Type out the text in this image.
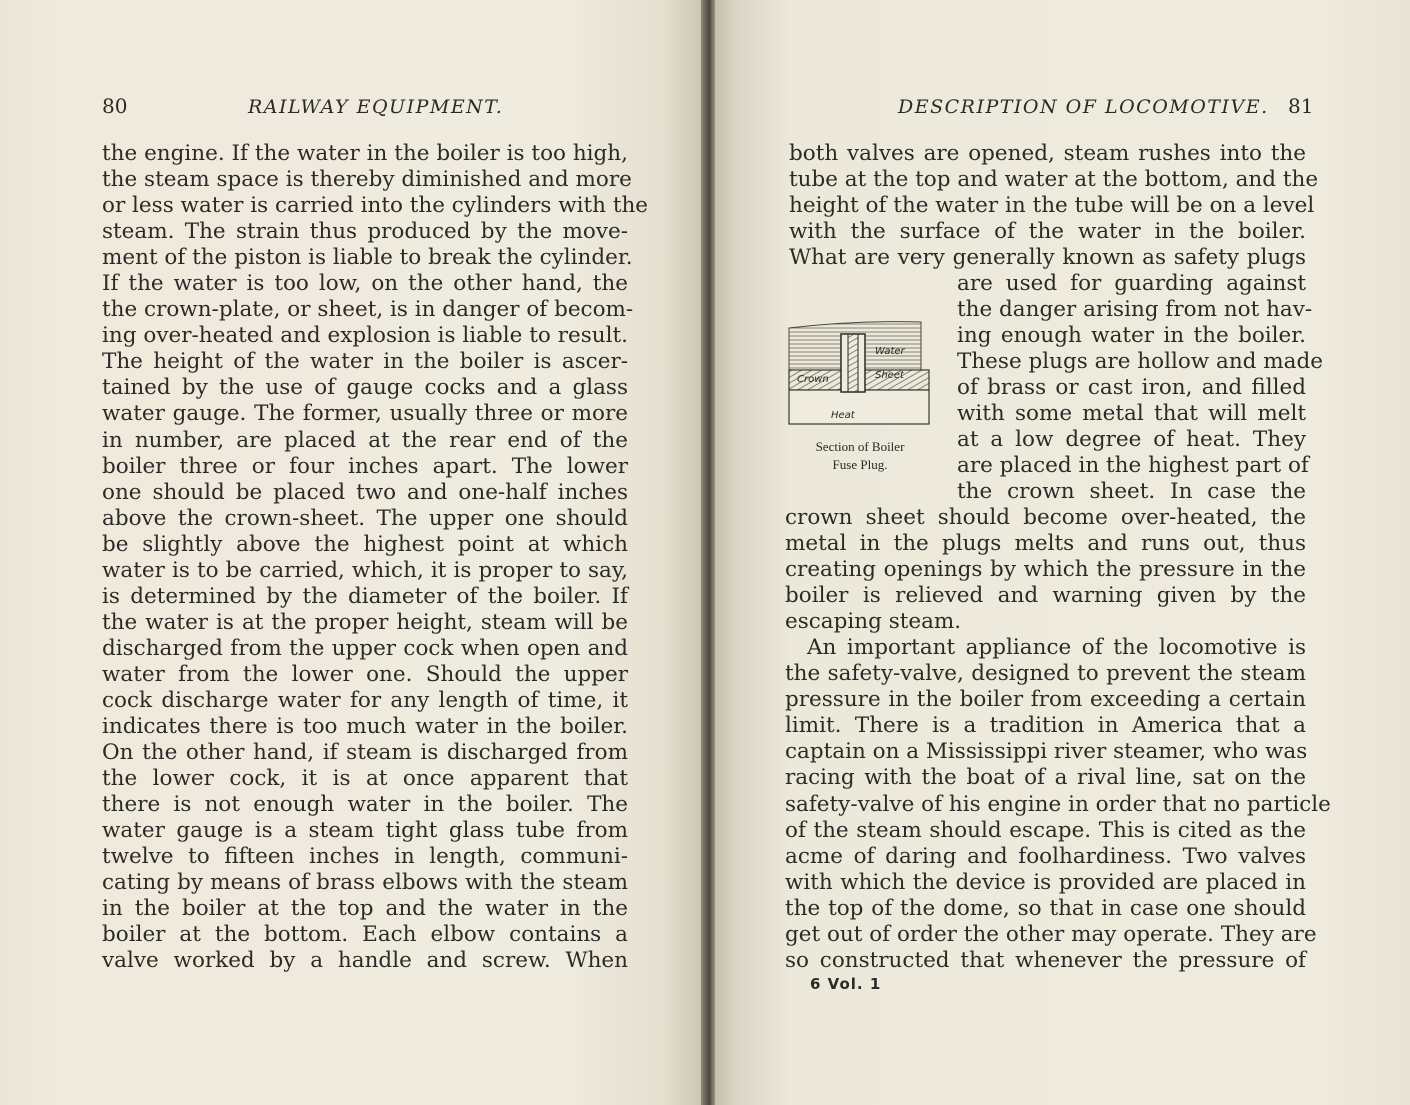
80	RAILWAY EQUIPMENT.	DESCRIPTION OF LOCOMOTIVE. 81
the engine. If the water in the boiler is too high,
the steam space is thereby diminished and more
or less water is carried into the cylinders with the
steam. The strain thus produced by the move-
ment of the piston is liable to break the cylinder.
If the water is too low, on the other hand, the
the crown-plate, or sheet, is in danger of becom-
ing over-heated and explosion is liable to result.
The height of the water in the boiler is ascer-
tained by the use of gauge cocks and a glass
water gauge. The former, usually three or more
in number, are placed at the rear end of the
boiler three or four inches apart. The lower
one should be placed two and one-half inches
above the crown-sheet. The upper one should
be slightly above the highest point at which
water is to be carried, which, it is proper to say,
is determined by the diameter of the boiler. If
the water is at the proper height, steam will be
discharged from the upper cock when open and
water from the lower one. Should the upper
cock discharge water for any length of time, it
indicates there is too much water in the boiler.
On the other hand, if steam is discharged from
the lower cock, it is at once apparent that
there is not enough water in the boiler. The
water gauge is a steam tight glass tube from
twelve to fifteen inches in length, communi-
cating by means of brass elbows with the steam
in the boiler at the top and the water in the
boiler at the bottom. Each elbow contains a
valve worked by a handle and screw. When
both valves are opened, steam rushes into the
tube at the top and water at the bottom, and the
height of the water in the tube will be on a level
with the surface of the water in the boiler.
What are very generally known as safety plugs
are used for guarding against
the danger arising from not hav-
ing enough water in the boiler.
These plugs are hollow and made
of brass or cast iron, and filled
with some metal that will melt
at a low degree of heat. They
are placed in the highest part of
the crown sheet. In case the
crown sheet should become over-heated, the
metal in the plugs melts and runs out, thus
creating openings by which the pressure in the
boiler is relieved and warning given by the
escaping steam.
An important appliance of the locomotive is
the safety-valve, designed to prevent the steam
pressure in the boiler from exceeding a certain
limit. There is a tradition in America that a
captain on a Mississippi river steamer, who was
racing with the boat of a rival line, sat on the
safety-valve of his engine in order that no particle
of the steam should escape. This is cited as the
acme of daring and foolhardiness. Two valves
with which the device is provided are placed in
the top of the dome, so that in case one should
get out of order the other may operate. They are
so constructed that whenever the pressure of
Water
Sheet
Crown
Heat
Section of Boiler
Fuse Plug.
6 Vol. 1
